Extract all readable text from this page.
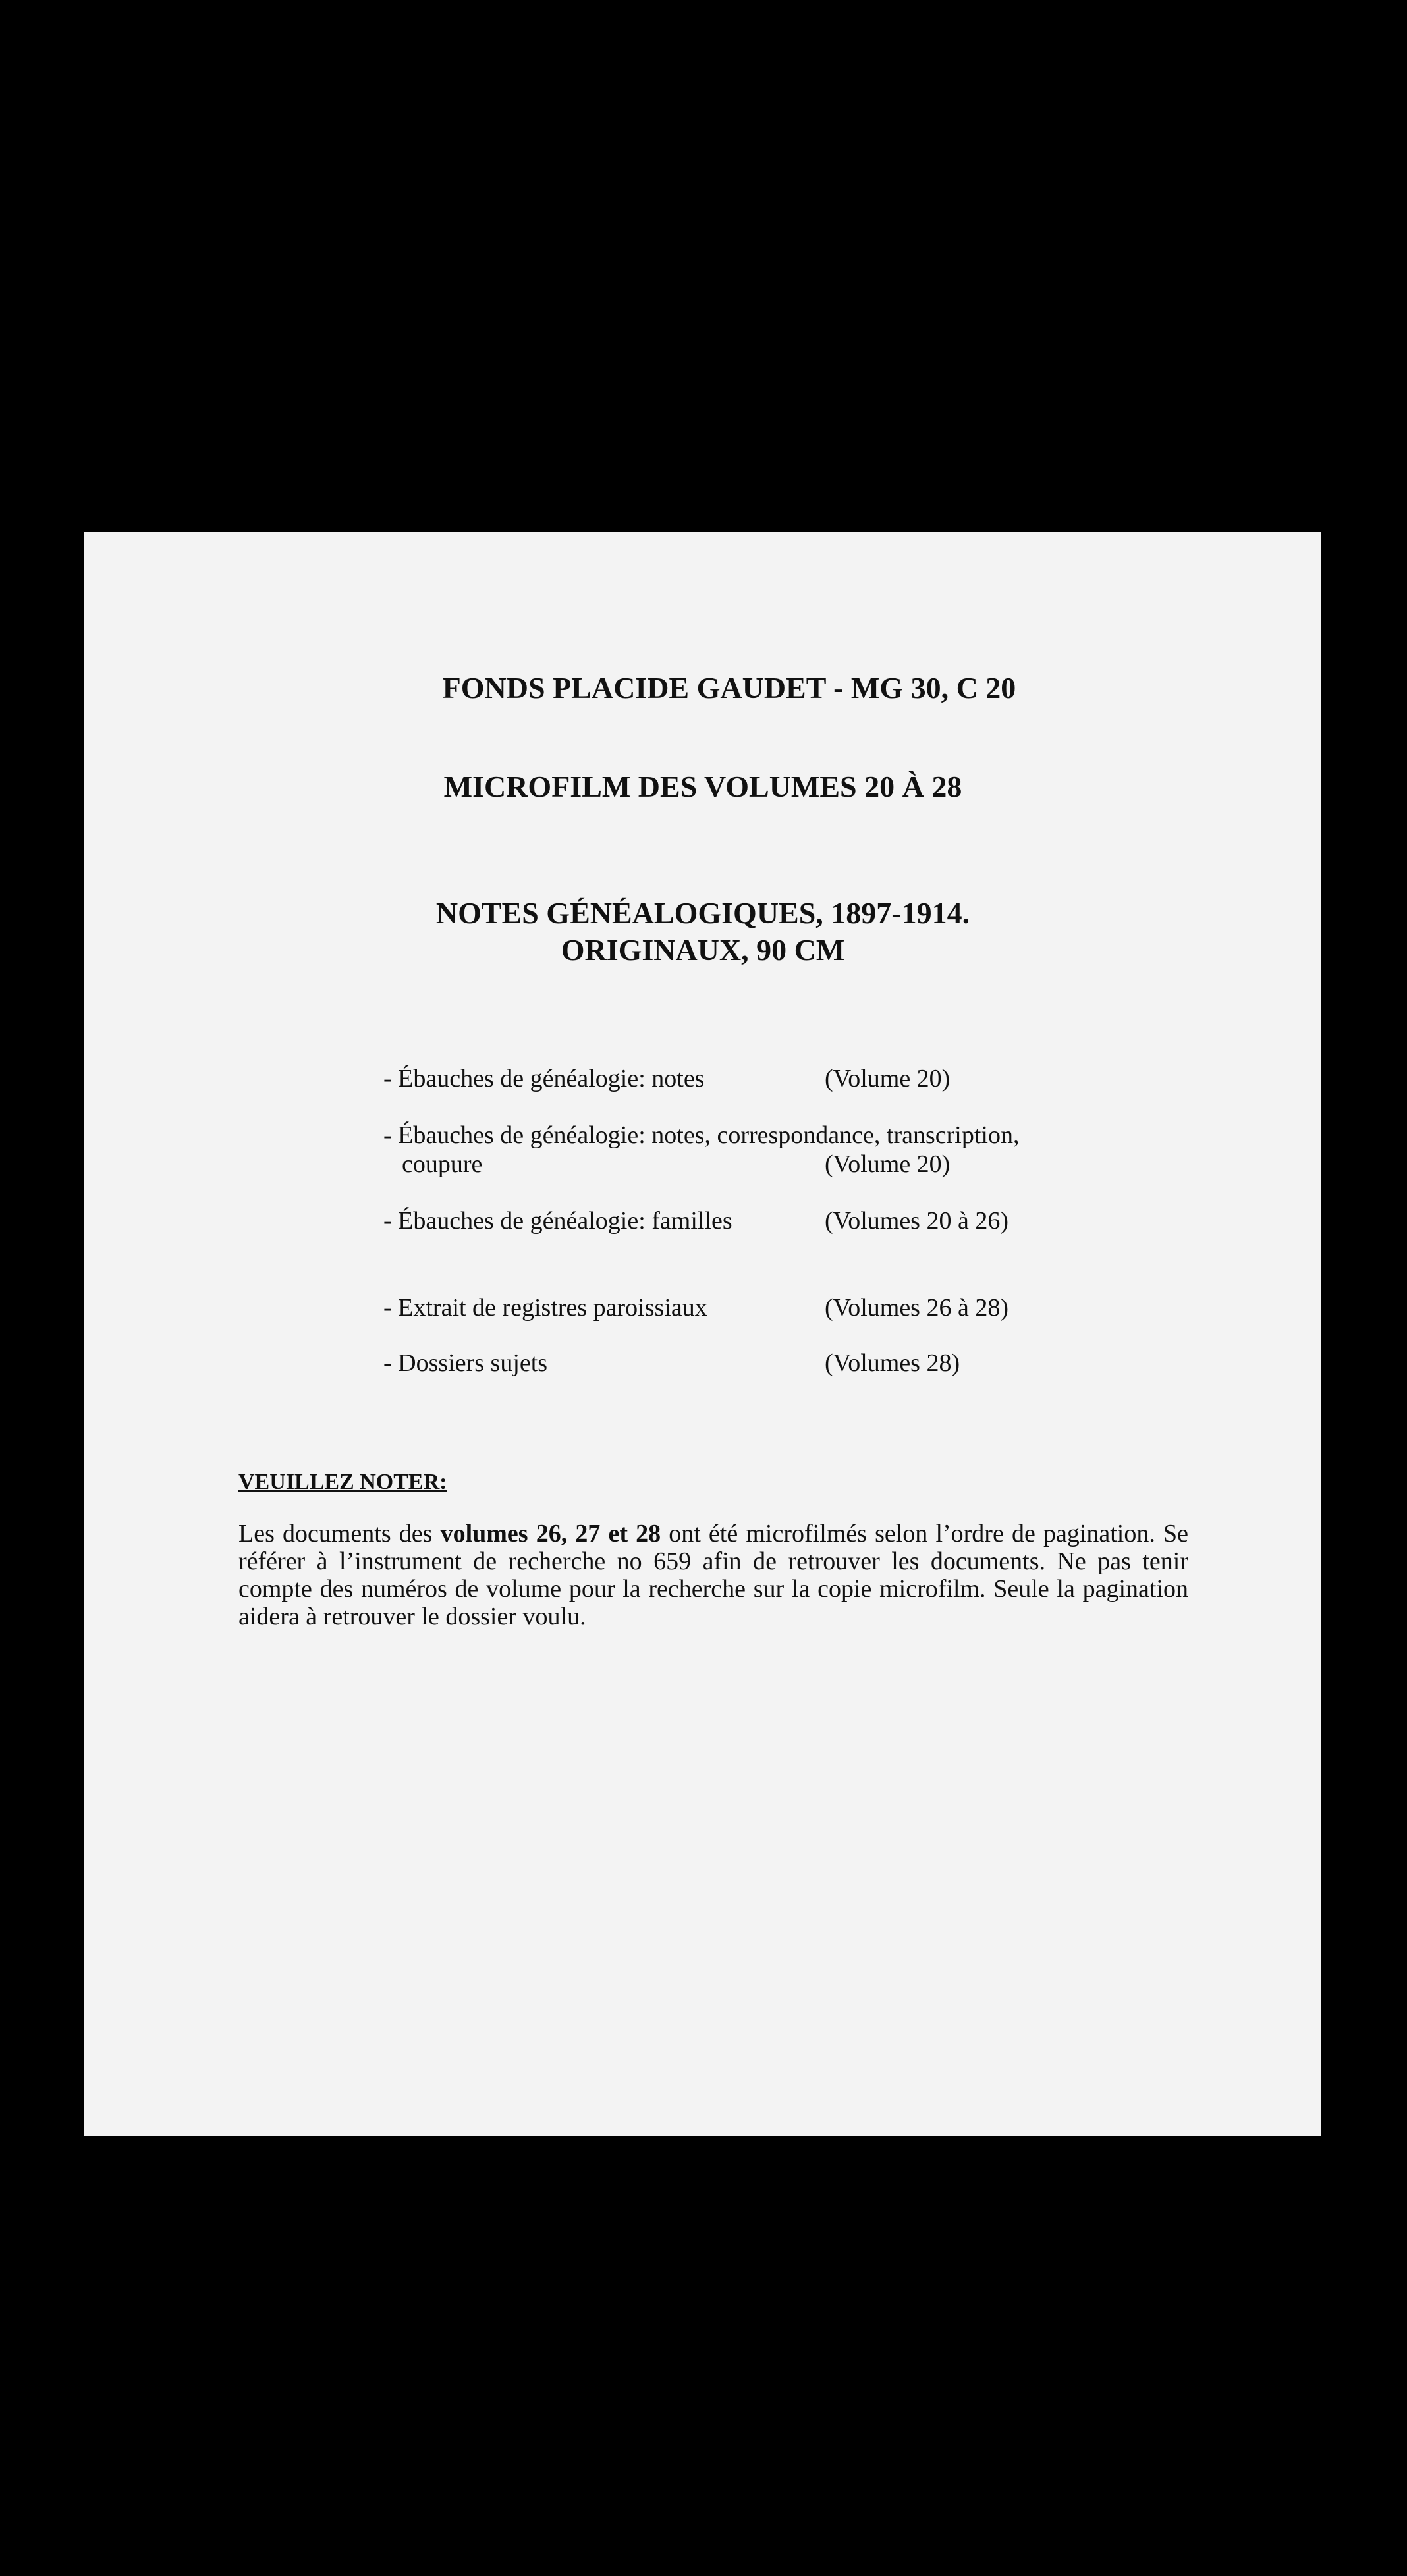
FONDS PLACIDE GAUDET - MG 30, C 20
MICROFILM DES VOLUMES 20 À 28
NOTES GÉNÉALOGIQUES, 1897-1914.
ORIGINAUX, 90 CM
- Ébauches de généalogie: notes	(Volume 20)
- Ébauches de généalogie: notes, correspondance, transcription,
coupure	(Volume 20)
- Ébauches de généalogie: familles	(Volumes 20 à 26)
- Extrait de registres paroissiaux	(Volumes 26 à 28)
- Dossiers sujets	(Volumes 28)

VEUILLEZ NOTER:

Les documents des volumes 26, 27 et 28 ont été microfilmés selon l’ordre de pagination. Se référer à l’instrument de recherche no 659 afin de retrouver les documents. Ne pas tenir compte des numéros de volume pour la recherche sur la copie microfilm. Seule la pagination aidera à retrouver le dossier voulu.
